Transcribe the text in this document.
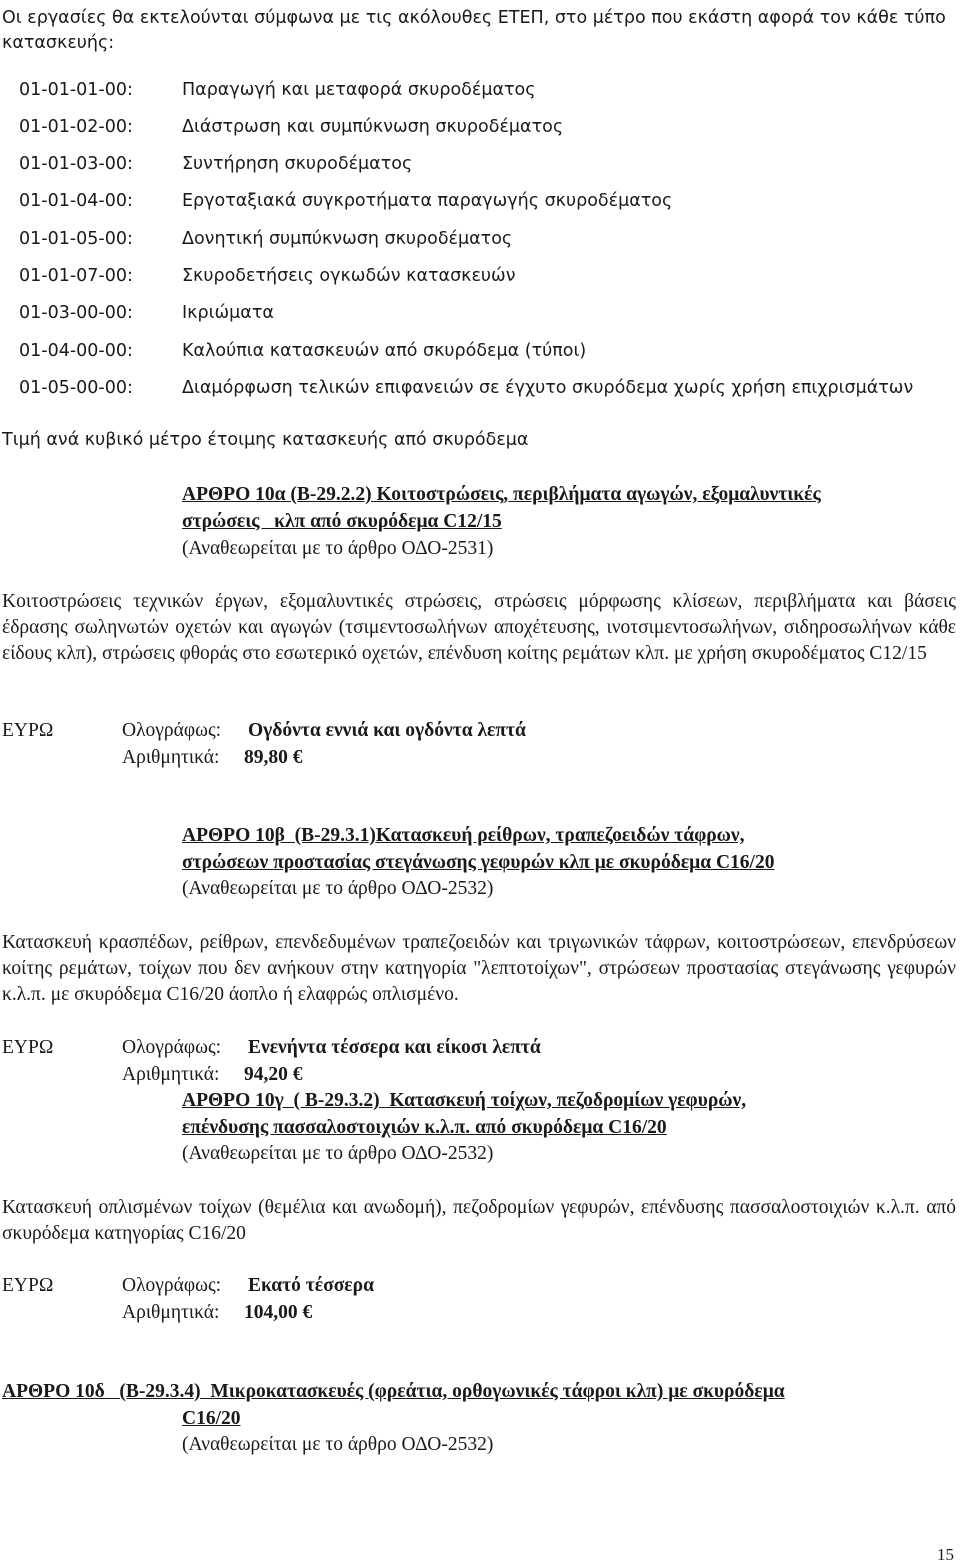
Οι εργασίες θα εκτελούνται σύμφωνα με τις ακόλουθες ΕΤΕΠ, στο μέτρο που εκάστη αφορά τον κάθε τύπο κατασκευής:
01-01-01-00:	Παραγωγή και μεταφορά σκυροδέματος
01-01-02-00:	Διάστρωση και συμπύκνωση σκυροδέματος
01-01-03-00:	Συντήρηση σκυροδέματος
01-01-04-00:	Εργοταξιακά συγκροτήματα παραγωγής σκυροδέματος
01-01-05-00:	Δονητική συμπύκνωση σκυροδέματος
01-01-07-00:	Σκυροδετήσεις ογκωδών κατασκευών
01-03-00-00:	Ικριώματα
01-04-00-00:	Καλούπια κατασκευών από σκυρόδεμα (τύποι)
01-05-00-00:	Διαμόρφωση τελικών επιφανειών σε έγχυτο σκυρόδεμα χωρίς χρήση επιχρισμάτων
Τιμή ανά κυβικό μέτρο έτοιμης κατασκευής από σκυρόδεμα
ΑΡΘΡΟ 10α (Β-29.2.2) Κοιτοστρώσεις, περιβλήματα αγωγών, εξομαλυντικές
στρώσεις   κλπ από σκυρόδεμα C12/15
(Αναθεωρείται με το άρθρο ΟΔΟ-2531)
Κοιτοστρώσεις τεχνικών έργων, εξομαλυντικές στρώσεις, στρώσεις μόρφωσης κλίσεων, περιβλήματα και βάσεις έδρασης σωληνωτών οχετών και αγωγών (τσιμεντοσωλήνων αποχέτευσης, ινοτσιμεντοσωλήνων, σιδηροσωλήνων κάθε είδους κλπ), στρώσεις φθοράς στο εσωτερικό οχετών, επένδυση κοίτης ρεμάτων κλπ. με χρήση σκυροδέματος C12/15
ΕΥΡΩ	Ολογράφως: Ογδόντα εννιά και ογδόντα λεπτά
Αριθμητικά: 89,80 €
ΑΡΘΡΟ 10β  (Β-29.3.1)Κατασκευή ρείθρων, τραπεζοειδών τάφρων,
στρώσεων προστασίας στεγάνωσης γεφυρών κλπ με σκυρόδεμα C16/20
(Αναθεωρείται με το άρθρο ΟΔΟ-2532)
Κατασκευή κρασπέδων, ρείθρων, επενδεδυμένων τραπεζοειδών και τριγωνικών τάφρων, κοιτοστρώσεων, επενδρύσεων κοίτης ρεμάτων, τοίχων που δεν ανήκουν στην κατηγορία "λεπτοτοίχων", στρώσεων προστασίας στεγάνωσης γεφυρών κ.λ.π. με σκυρόδεμα C16/20 άοπλο ή ελαφρώς οπλισμένο.
ΕΥΡΩ	Ολογράφως: Ενενήντα τέσσερα και είκοσι λεπτά
Αριθμητικά: 94,20 €
ΑΡΘΡΟ 10γ  ( Β-29.3.2)  Κατασκευή τοίχων, πεζοδρομίων γεφυρών,
επένδυσης πασσαλοστοιχιών κ.λ.π. από σκυρόδεμα C16/20
(Αναθεωρείται με το άρθρο ΟΔΟ-2532)
Κατασκευή οπλισμένων τοίχων (θεμέλια και ανωδομή), πεζοδρομίων γεφυρών, επένδυσης πασσαλοστοιχιών κ.λ.π. από σκυρόδεμα κατηγορίας C16/20
ΕΥΡΩ	Ολογράφως: Εκατό τέσσερα
Αριθμητικά: 104,00 €
ΑΡΘΡΟ 10δ   (Β-29.3.4)  Μικροκατασκευές (φρεάτια, ορθογωνικές τάφροι κλπ) με σκυρόδεμα
C16/20
(Αναθεωρείται με το άρθρο ΟΔΟ-2532)
15
